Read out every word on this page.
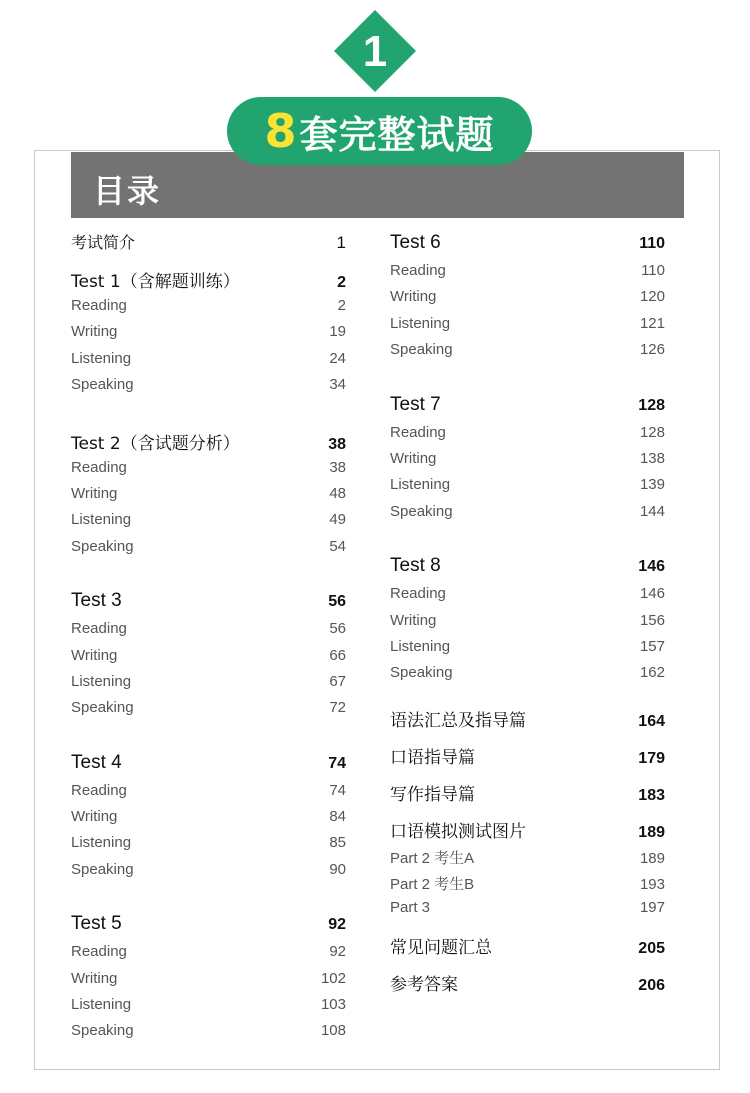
1
8 套完整试题
目录
考试简介	1
Test 1（含解题训练）	2
Reading	2
Writing	19
Listening	24
Speaking	34
Test 2（含试题分析）	38
Reading	38
Writing	48
Listening	49
Speaking	54
Test 3	56
Reading	56
Writing	66
Listening	67
Speaking	72
Test 4	74
Reading	74
Writing	84
Listening	85
Speaking	90
Test 5	92
Reading	92
Writing	102
Listening	103
Speaking	108
Test 6	110
Reading	110
Writing	120
Listening	121
Speaking	126
Test 7	128
Reading	128
Writing	138
Listening	139
Speaking	144
Test 8	146
Reading	146
Writing	156
Listening	157
Speaking	162
语法汇总及指导篇	164
口语指导篇	179
写作指导篇	183
口语模拟测试图片	189
Part 2 考生A	189
Part 2 考生B	193
Part 3	197
常见问题汇总	205
参考答案	206
